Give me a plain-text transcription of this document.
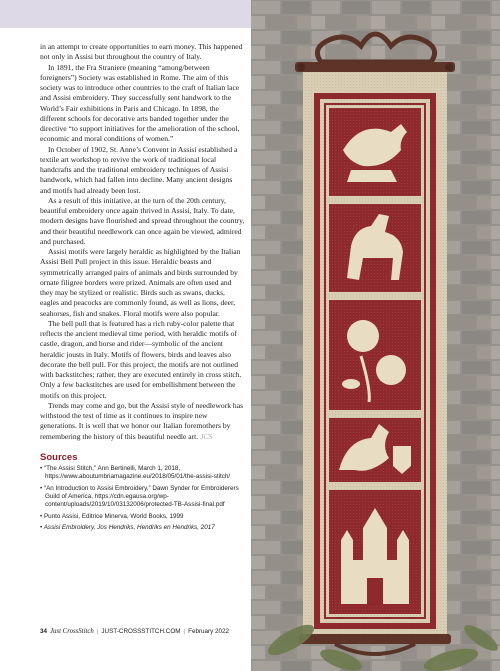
in an attempt to create opportunities to earn money. This happened not only in Assisi but throughout the country of Italy.

In 1891, the Fra Straniere (meaning “among/between foreigners”) Society was established in Rome. The aim of this society was to introduce other countries to the craft of Italian lace and Assisi embroidery. They successfully sent handwork to the World’s Fair exhibitions in Paris and Chicago. In 1898, the different schools for decorative arts banded together under the directive “to support initiatives for the amelioration of the school, economic and moral conditions of women.”

In October of 1902, St. Anne’s Convent in Assisi established a textile art workshop to revive the work of traditional local handcrafts and the traditional embroidery techniques of Assisi handwork, which had fallen into decline. Many ancient designs and motifs had already been lost.

As a result of this initiative, at the turn of the 20th century, beautiful embroidery once again thrived in Assisi, Italy. To date, modern designs have flourished and spread throughout the country, and their beautiful needlework can once again be viewed, admired and purchased.

Assisi motifs were largely heraldic as highlighted by the Italian Assisi Bell Pull project in this issue. Heraldic beasts and symmetrically arranged pairs of animals and birds surrounded by ornate filigree borders were prized. Animals are often used and they may be stylized or realistic. Birds such as swans, ducks, eagles and peacocks are commonly found, as well as lions, deer, seahorses, fish and snakes. Floral motifs were also popular.

The bell pull that is featured has a rich ruby-color palette that reflects the ancient medieval time period, with heraldic motifs of castle, dragon, and horse and rider—symbolic of the ancient heraldic jousts in Italy. Motifs of flowers, birds and leaves also decorate the bell pull. For this project, the motifs are not outlined with backstitches; rather, they are executed entirely in cross stitch. Only a few backstitches are used for embellishment between the motifs on this project.

Trends may come and go, but the Assisi style of needlework has withstood the test of time as it continues to inspire new generations. It is well that we honor our Italian foremothers by remembering the history of this beautiful needle art. JCS

Sources
• “The Assisi Stitch,” Ann Bertinelli, March 1, 2018, https://www.aboutumbriamagazine.eu/2018/05/01/the-assisi-stitch/
• “An Introduction to Assisi Embroidery,” Dawn Synder for Embroiderers Guild of America, https://cdn.egausa.org/wp-content/uploads/2019/10/03132006/protected-TB-Assisi-final.pdf
• Punto Assisi, Editrice Minerva, World Books, 1999
• Assisi Embroidery, Jos Hendriks, Hendriks en Hendriks, 2017
34 Just CrossStitch | JUST-CROSSSTITCH.COM | February 2022
